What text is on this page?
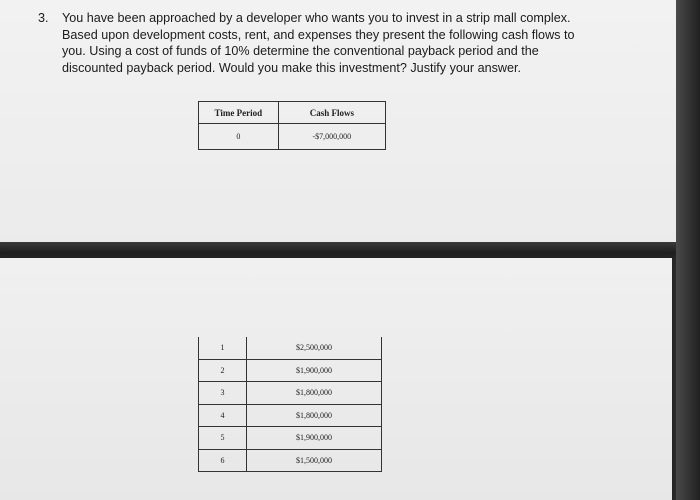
3. You have been approached by a developer who wants you to invest in a strip mall complex.
Based upon development costs, rent, and expenses they present the following cash flows to
you. Using a cost of funds of 10% determine the conventional payback period and the
discounted payback period. Would you make this investment? Justify your answer.
Time Period	Cash Flows
0	-$7,000,000
1	$2,500,000
2	$1,900,000
3	$1,800,000
4	$1,800,000
5	$1,900,000
6	$1,500,000
